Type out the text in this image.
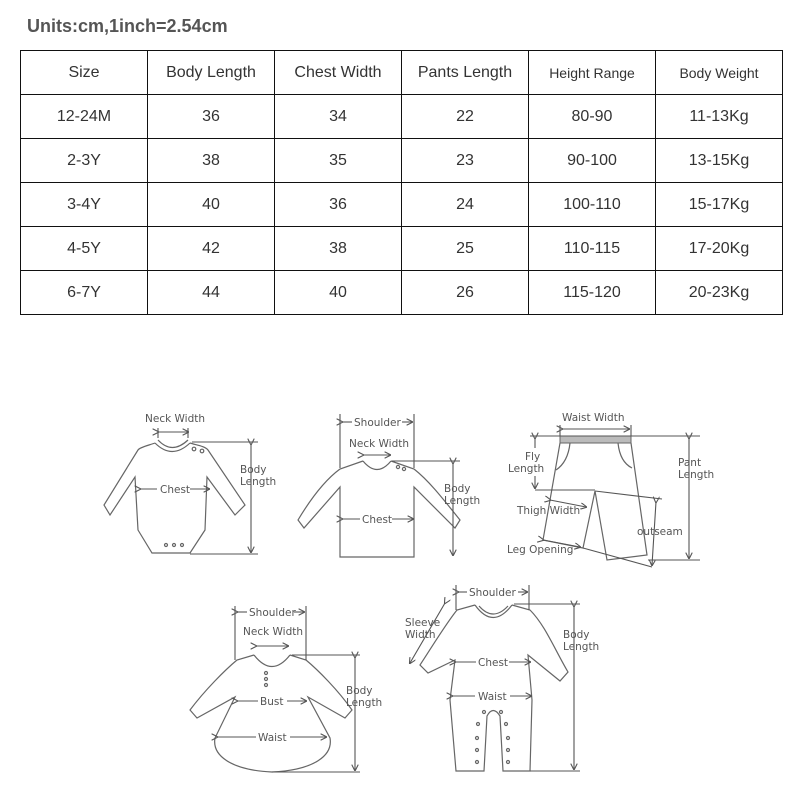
Units:cm,1inch=2.54cm
Size	Body Length	Chest Width	Pants Length	Height Range	Body Weight
12-24M	36	34	22	80-90	11-13Kg
2-3Y	38	35	23	90-100	13-15Kg
3-4Y	40	36	24	100-110	15-17Kg
4-5Y	42	38	25	110-115	17-20Kg
6-7Y	44	40	26	115-120	20-23Kg
Neck Width
Chest
Body
Length
Shoulder
Neck Width
Chest
Body
Length
Waist Width
Fly
Length	Pant
Length
outseam
Thigh Width
Leg Opening
Shoulder
Neck Width
Bust
Waist
Body
Length
Shoulder
Sleeve
Width
Chest
Waist
Body
Length
